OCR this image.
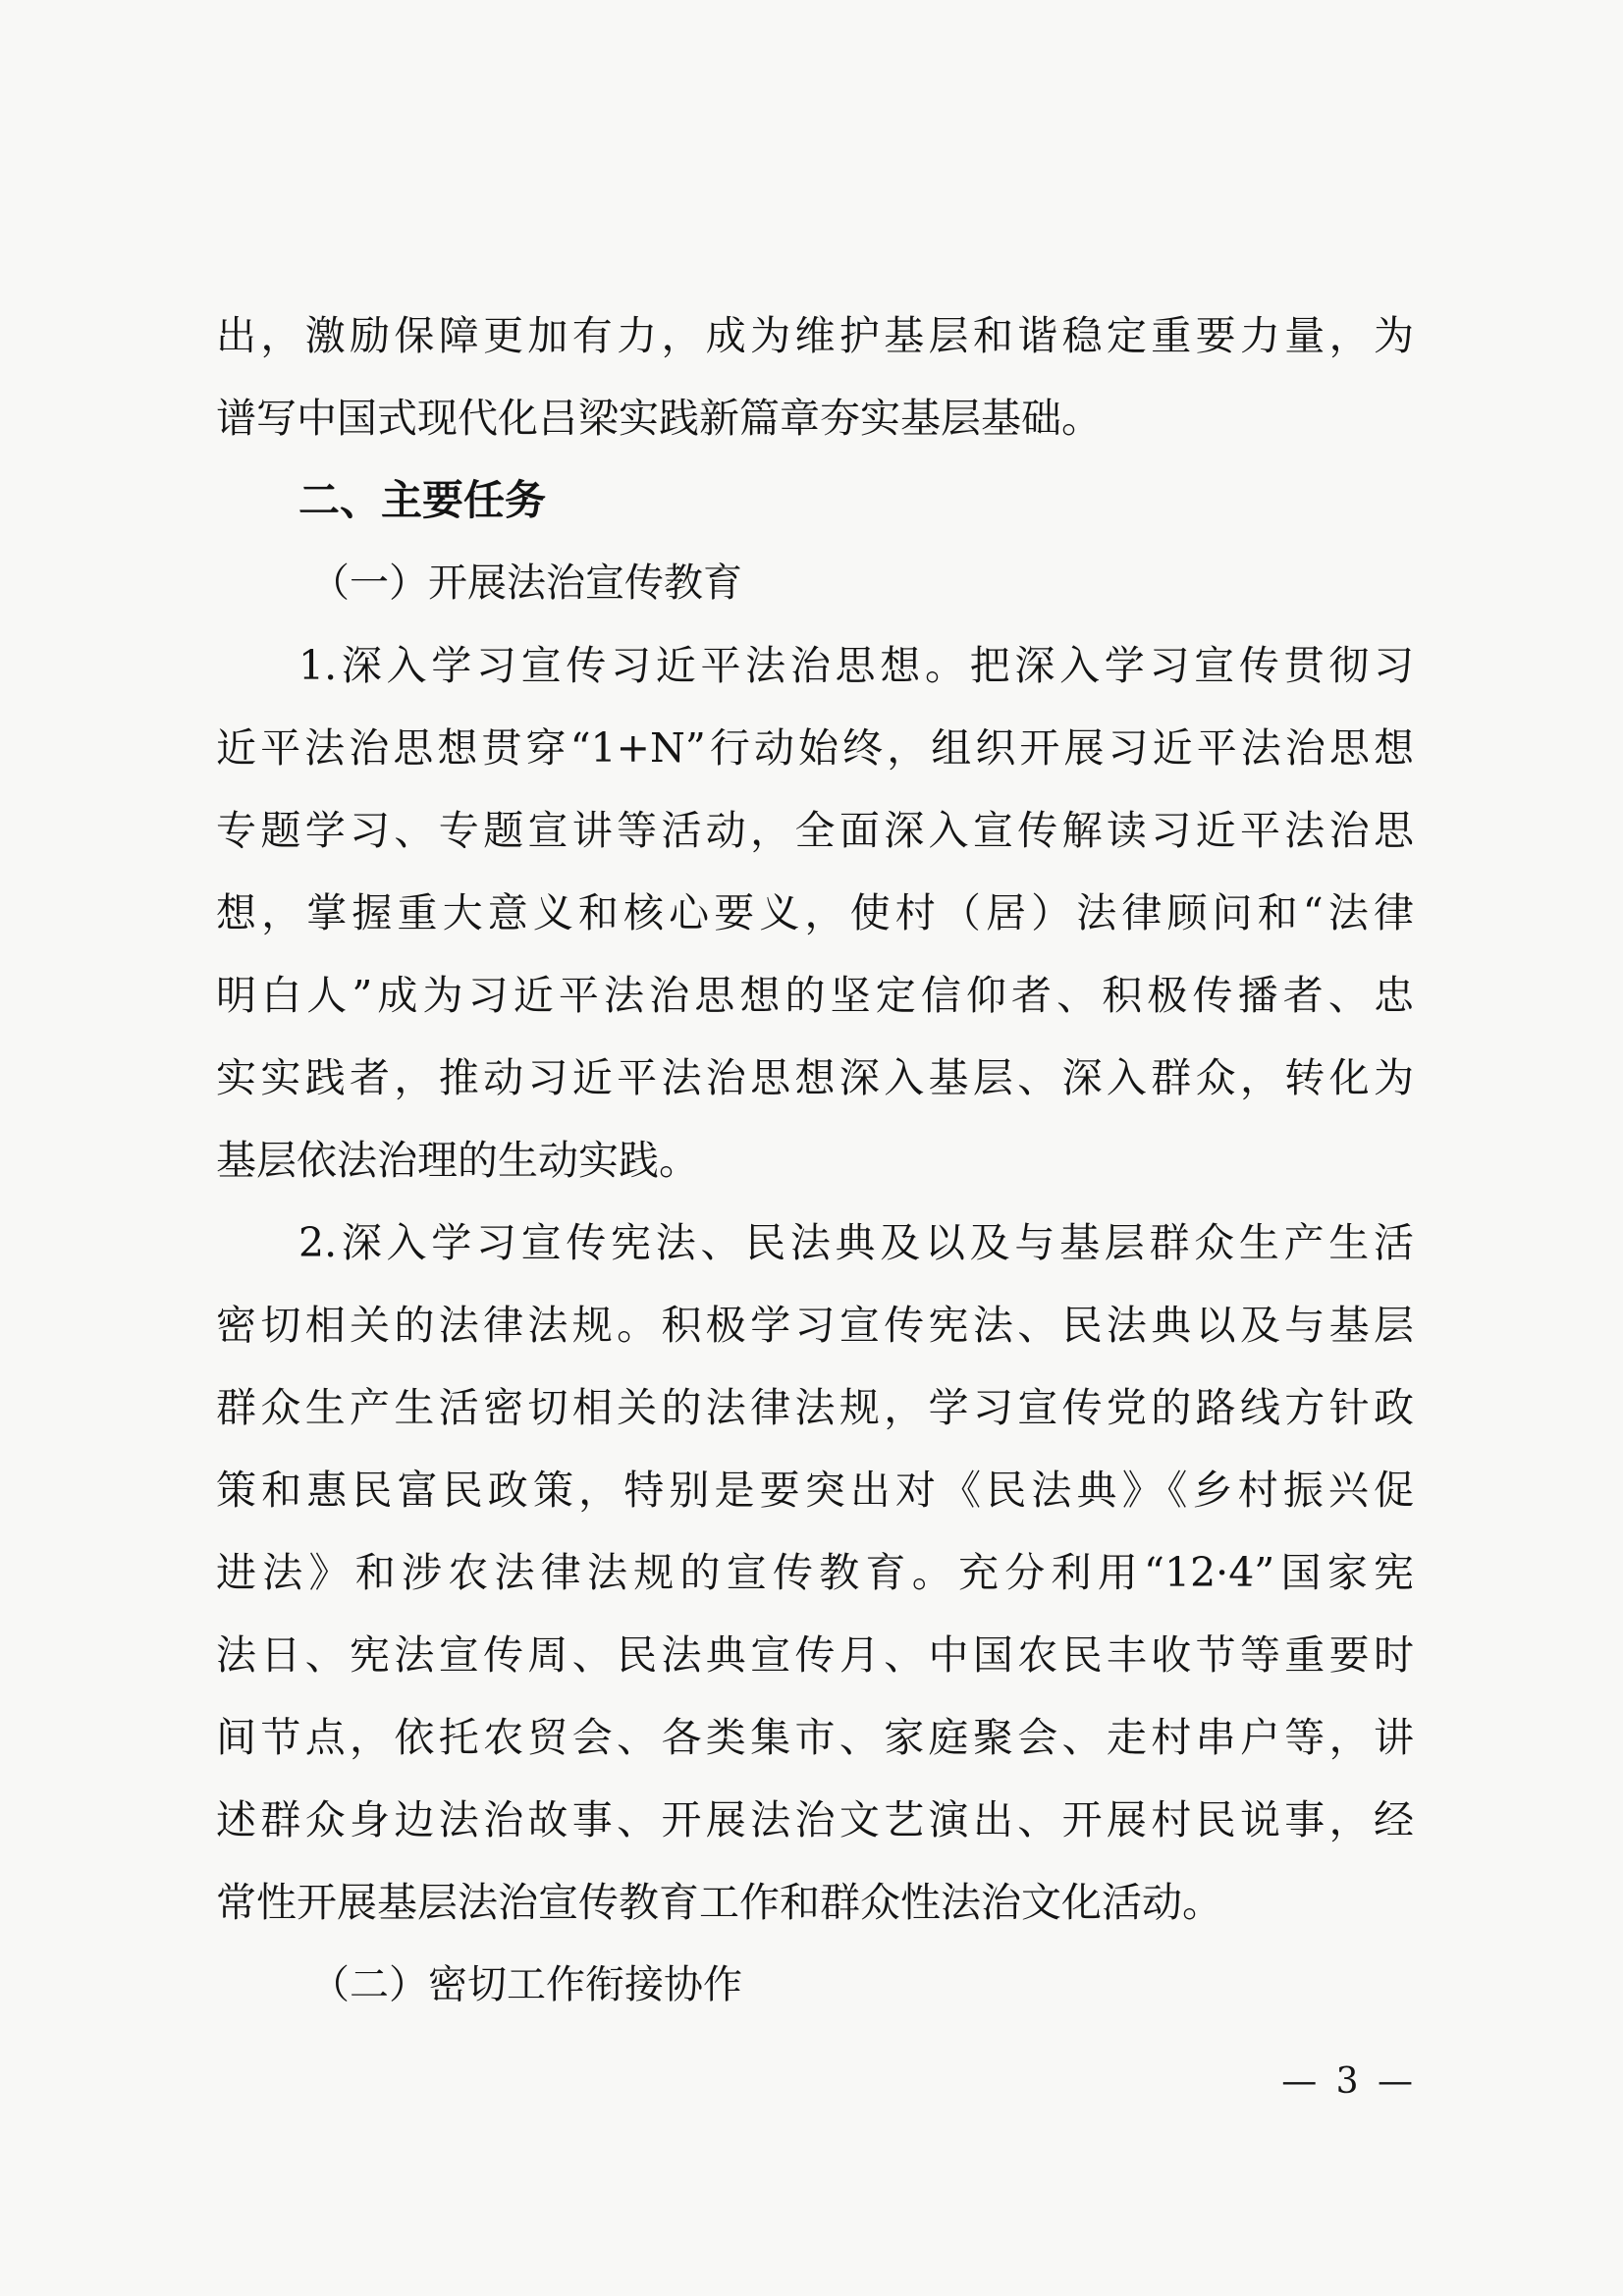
出，激励保障更加有力，成为维护基层和谐稳定重要力量，为
谱写中国式现代化吕梁实践新篇章夯实基层基础。
二、主要任务
（一）开展法治宣传教育
1.深入学习宣传习近平法治思想。把深入学习宣传贯彻习
近平法治思想贯穿“1+N”行动始终，组织开展习近平法治思想
专题学习、专题宣讲等活动，全面深入宣传解读习近平法治思
想，掌握重大意义和核心要义，使村（居）法律顾问和“法律
明白人”成为习近平法治思想的坚定信仰者、积极传播者、忠
实实践者，推动习近平法治思想深入基层、深入群众，转化为
基层依法治理的生动实践。
2.深入学习宣传宪法、民法典及以及与基层群众生产生活
密切相关的法律法规。积极学习宣传宪法、民法典以及与基层
群众生产生活密切相关的法律法规，学习宣传党的路线方针政
策和惠民富民政策，特别是要突出对《民法典》《乡村振兴促
进法》和涉农法律法规的宣传教育。充分利用“12·4”国家宪
法日、宪法宣传周、民法典宣传月、中国农民丰收节等重要时
间节点，依托农贸会、各类集市、家庭聚会、走村串户等，讲
述群众身边法治故事、开展法治文艺演出、开展村民说事，经
常性开展基层法治宣传教育工作和群众性法治文化活动。
（二）密切工作衔接协作
— 3 —
